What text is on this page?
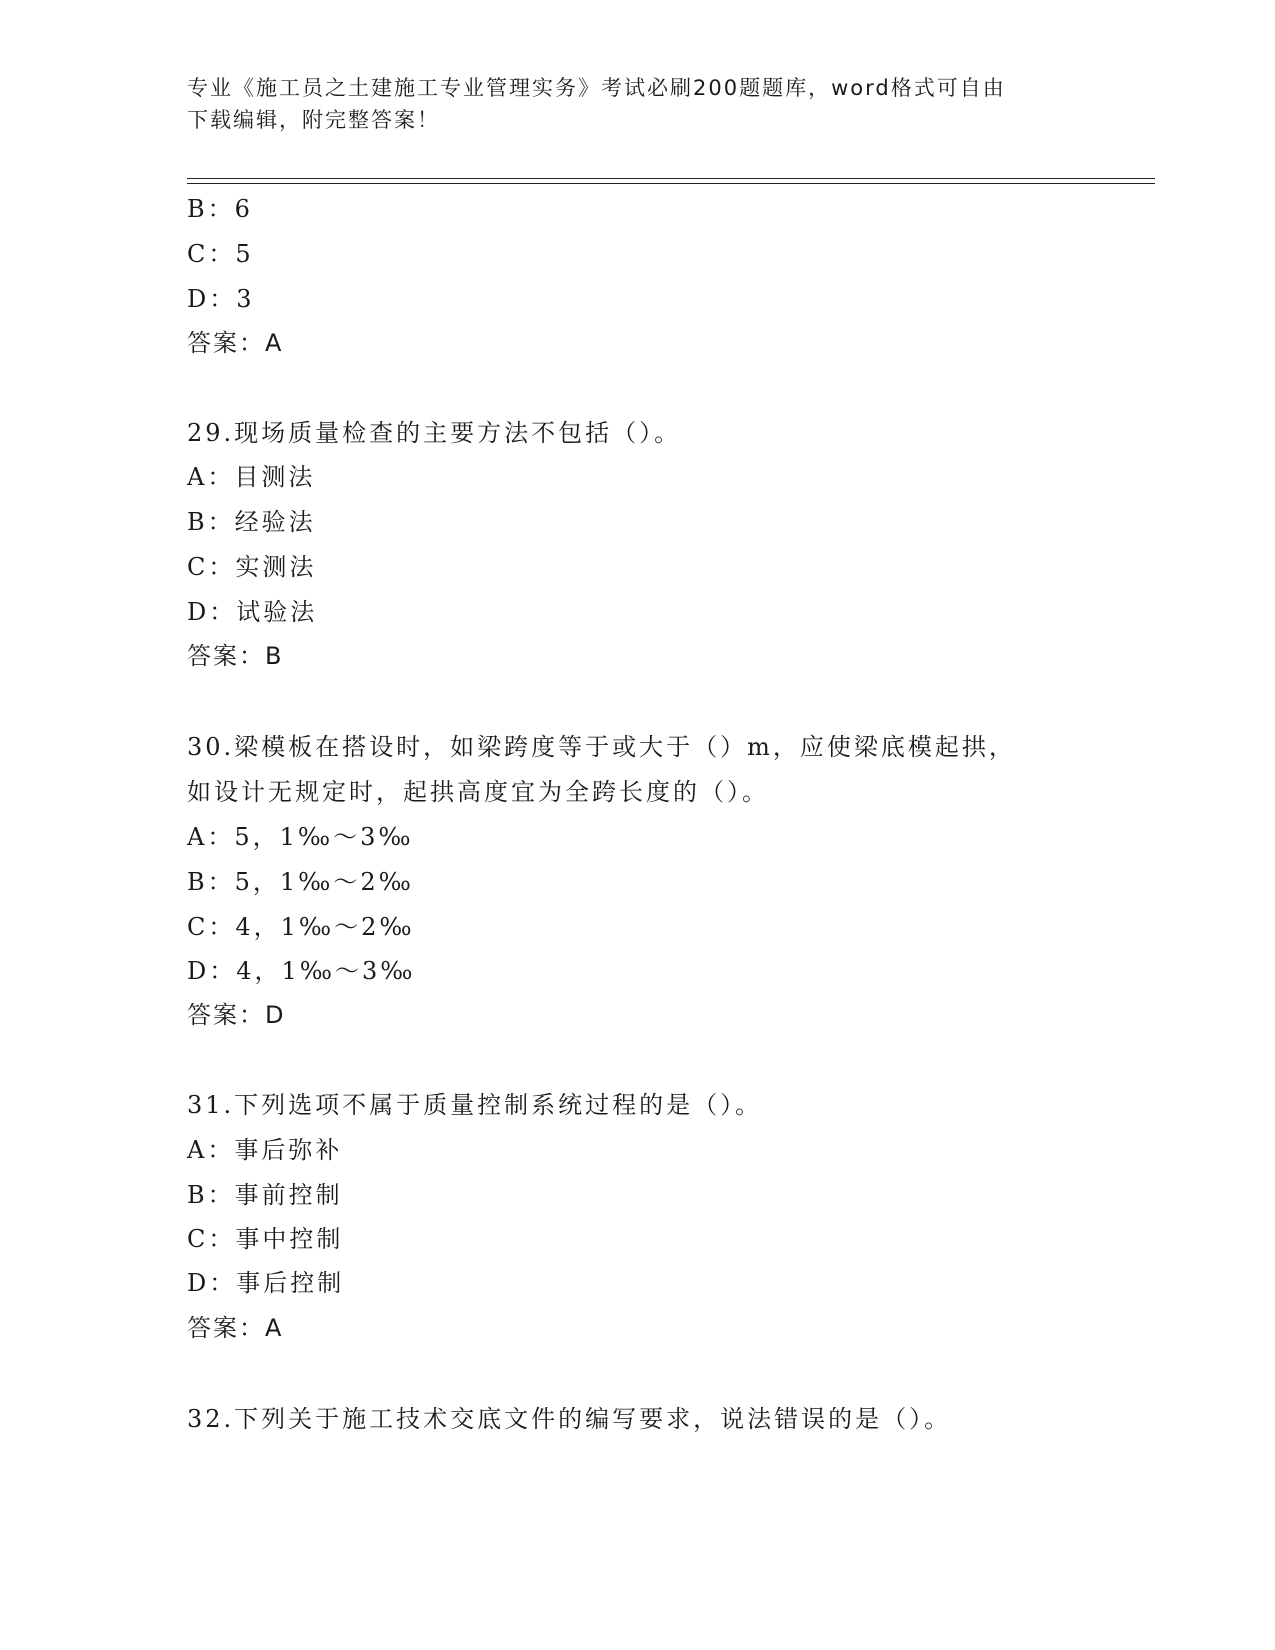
专业《施工员之土建施工专业管理实务》考试必刷200题题库，word格式可自由
下载编辑，附完整答案！
B：6
C：5
D：3
答案：A
29.现场质量检查的主要方法不包括（）。
A：目测法
B：经验法
C：实测法
D：试验法
答案：B
30.梁模板在搭设时，如梁跨度等于或大于（）m，应使梁底模起拱，
如设计无规定时，起拱高度宜为全跨长度的（）。
A：5，1‰～3‰
B：5，1‰～2‰
C：4，1‰～2‰
D：4，1‰～3‰
答案：D
31.下列选项不属于质量控制系统过程的是（）。
A：事后弥补
B：事前控制
C：事中控制
D：事后控制
答案：A
32.下列关于施工技术交底文件的编写要求，说法错误的是（）。
